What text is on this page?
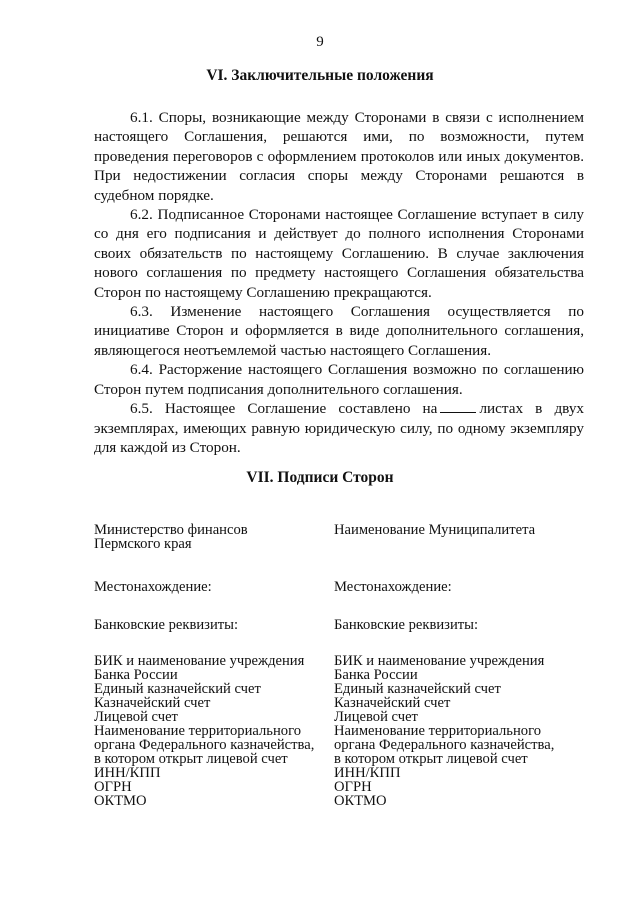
9
VI. Заключительные положения

6.1. Споры, возникающие между Сторонами в связи с исполнением настоящего Соглашения, решаются ими, по возможности, путем проведения переговоров с оформлением протоколов или иных документов. При недостижении согласия споры между Сторонами решаются в судебном порядке.

6.2. Подписанное Сторонами настоящее Соглашение вступает в силу со дня его подписания и действует до полного исполнения Сторонами своих обязательств по настоящему Соглашению. В случае заключения нового соглашения по предмету настоящего Соглашения обязательства Сторон по настоящему Соглашению прекращаются.

6.3. Изменение настоящего Соглашения осуществляется по инициативе Сторон и оформляется в виде дополнительного соглашения, являющегося неотъемлемой частью настоящего Соглашения.

6.4. Расторжение настоящего Соглашения возможно по соглашению Сторон путем подписания дополнительного соглашения.

6.5. Настоящее Соглашение составлено на	листах в двух экземплярах, имеющих равную юридическую силу, по одному экземпляру для каждой из Сторон.

VII. Подписи Сторон
Министерство финансов
Пермского края
Местонахождение:
Банковские реквизиты:
БИК и наименование учреждения
Банка России
Единый казначейский счет
Казначейский счет
Лицевой счет
Наименование территориального
органа Федерального казначейства,
в котором открыт лицевой счет
ИНН/КПП
ОГРН
ОКТМО
Наименование Муниципалитета
Местонахождение:
Банковские реквизиты:
БИК и наименование учреждения
Банка России
Единый казначейский счет
Казначейский счет
Лицевой счет
Наименование территориального
органа Федерального казначейства,
в котором открыт лицевой счет
ИНН/КПП
ОГРН
ОКТМО
